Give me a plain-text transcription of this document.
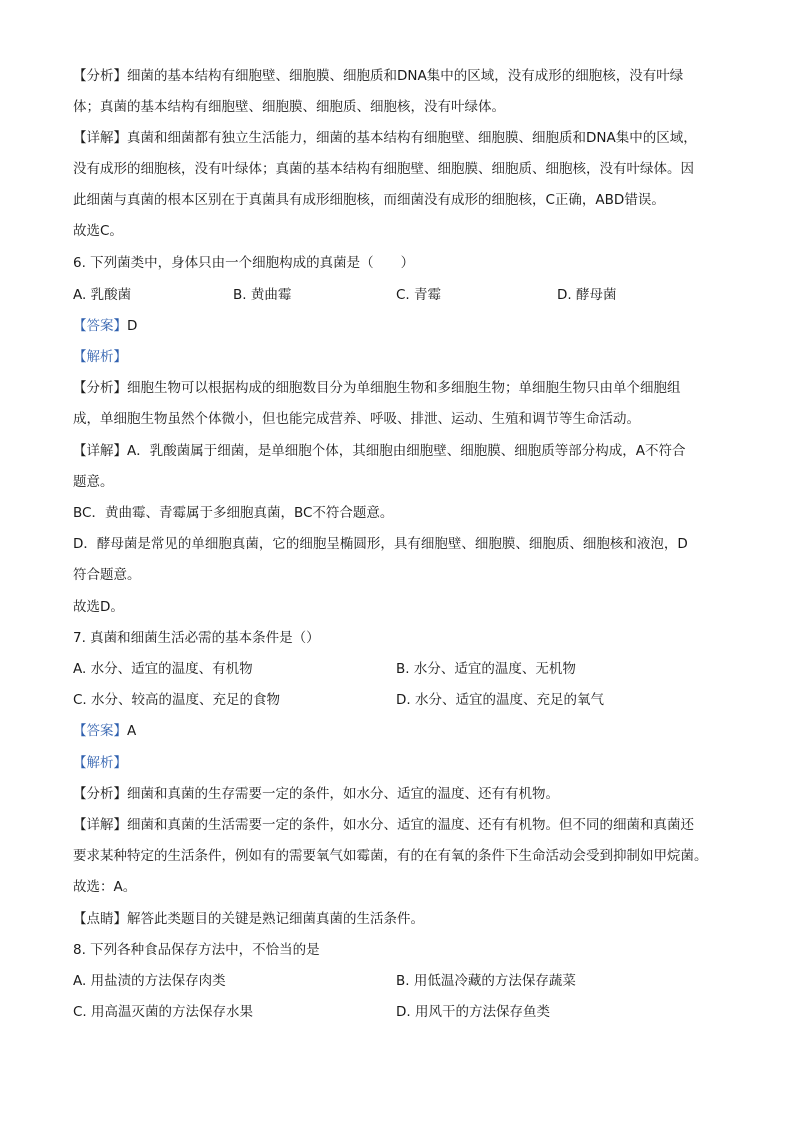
【分析】细菌的基本结构有细胞壁、细胞膜、细胞质和DNA集中的区域，没有成形的细胞核，没有叶绿
体；真菌的基本结构有细胞壁、细胞膜、细胞质、细胞核，没有叶绿体。
【详解】真菌和细菌都有独立生活能力，细菌的基本结构有细胞壁、细胞膜、细胞质和DNA集中的区域，
没有成形的细胞核，没有叶绿体；真菌的基本结构有细胞壁、细胞膜、细胞质、细胞核，没有叶绿体。因
此细菌与真菌的根本区别在于真菌具有成形细胞核，而细菌没有成形的细胞核，C正确，ABD错误。
故选C。
6. 下列菌类中，身体只由一个细胞构成的真菌是（　　）
A. 乳酸菌	B. 黄曲霉	C. 青霉	D. 酵母菌
【答案】D
【解析】
【分析】细胞生物可以根据构成的细胞数目分为单细胞生物和多细胞生物；单细胞生物只由单个细胞组
成，单细胞生物虽然个体微小，但也能完成营养、呼吸、排泄、运动、生殖和调节等生命活动。
【详解】A．乳酸菌属于细菌，是单细胞个体，其细胞由细胞壁、细胞膜、细胞质等部分构成，A不符合
题意。
BC．黄曲霉、青霉属于多细胞真菌，BC不符合题意。
D．酵母菌是常见的单细胞真菌，它的细胞呈椭圆形，具有细胞壁、细胞膜、细胞质、细胞核和液泡，D
符合题意。
故选D。
7. 真菌和细菌生活必需的基本条件是（）
A. 水分、适宜的温度、有机物	B. 水分、适宜的温度、无机物
C. 水分、较高的温度、充足的食物	D. 水分、适宜的温度、充足的氧气
【答案】A
【解析】
【分析】细菌和真菌的生存需要一定的条件，如水分、适宜的温度、还有有机物。
【详解】细菌和真菌的生活需要一定的条件，如水分、适宜的温度、还有有机物。但不同的细菌和真菌还
要求某种特定的生活条件，例如有的需要氧气如霉菌，有的在有氧的条件下生命活动会受到抑制如甲烷菌。
故选：A。
【点睛】解答此类题目的关键是熟记细菌真菌的生活条件。
8. 下列各种食品保存方法中，不恰当的是
A. 用盐渍的方法保存肉类	B. 用低温冷藏的方法保存蔬菜
C. 用高温灭菌的方法保存水果	D. 用风干的方法保存鱼类
